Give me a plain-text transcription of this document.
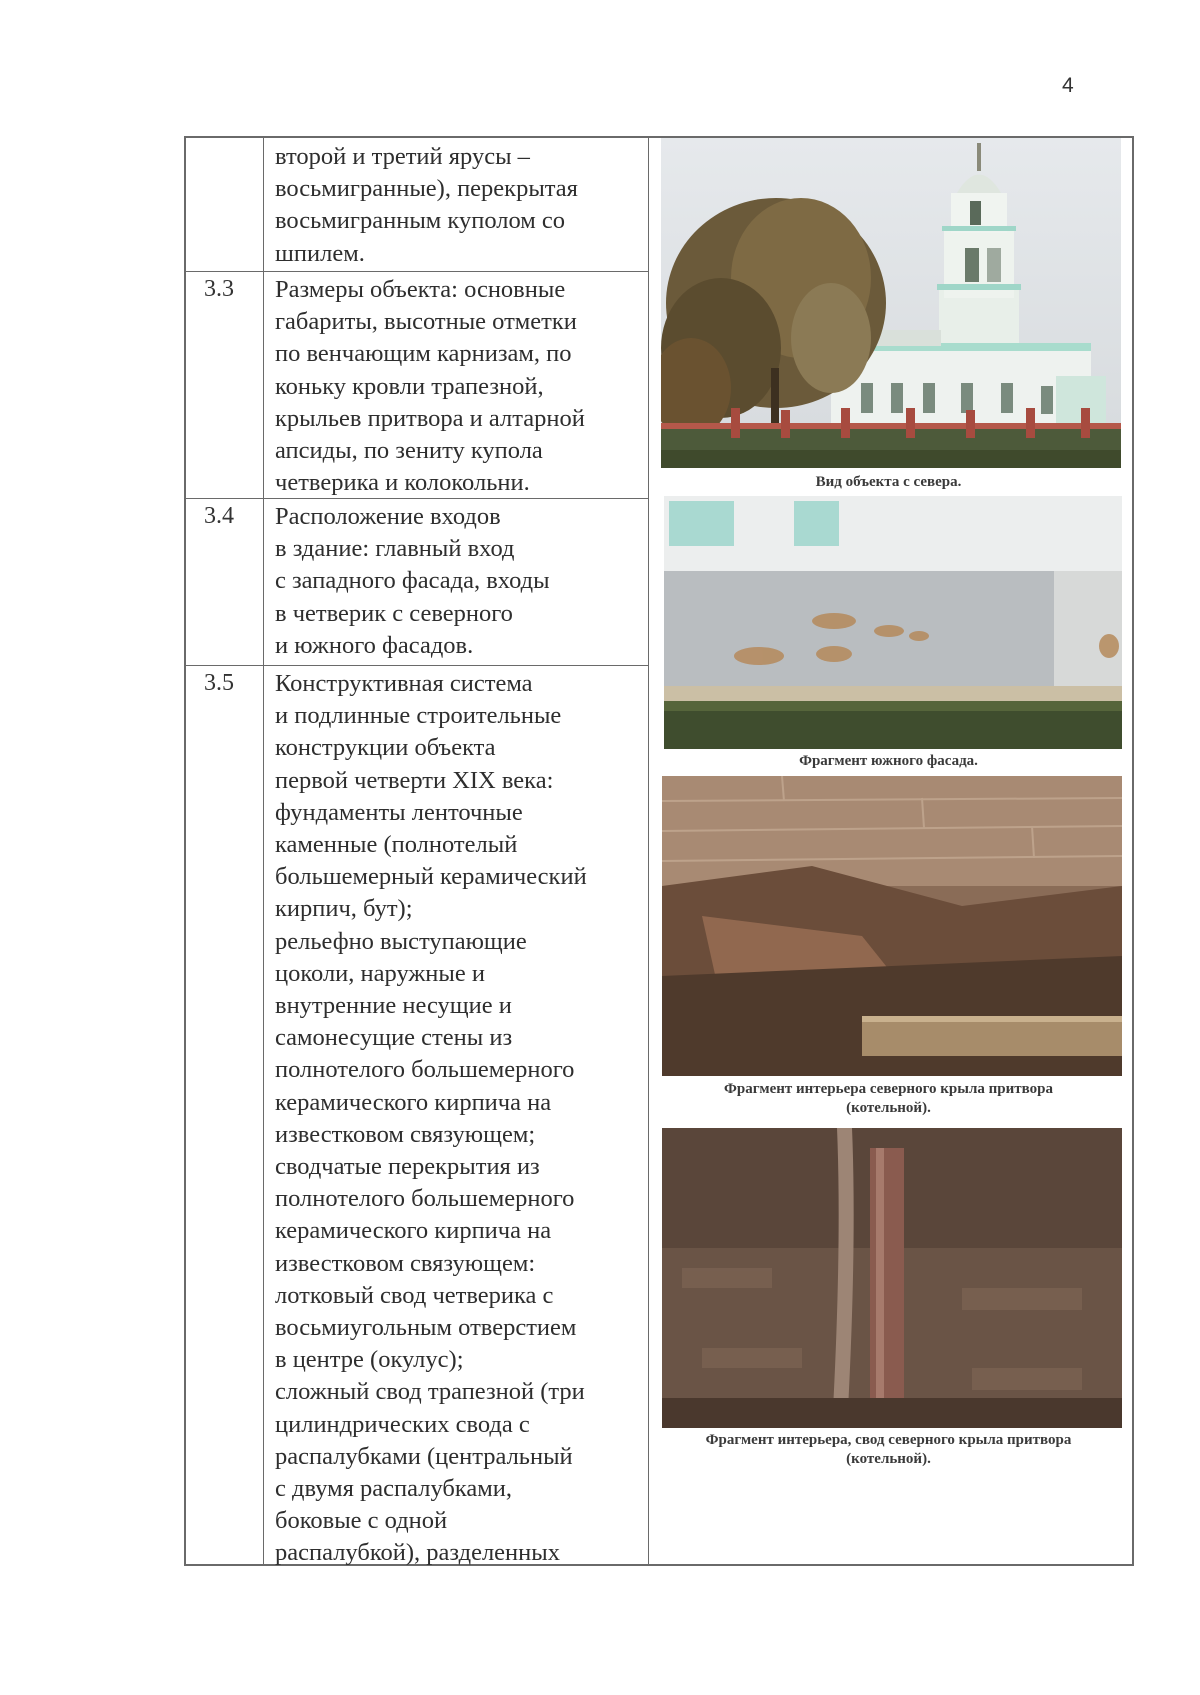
4
второй и третий ярусы –
восьмигранные), перекрытая
восьмигранным куполом со
шпилем.
3.3 Размеры объекта: основные
габариты, высотные отметки
по венчающим карнизам, по
коньку кровли трапезной,
крыльев притвора и алтарной
апсиды, по зениту купола
четверика и колокольни.
3.4 Расположение входов
в здание: главный вход
с западного фасада, входы
в четверик с северного
и южного фасадов.
3.5 Конструктивная система
и подлинные строительные
конструкции объекта
первой четверти XIX века:
фундаменты ленточные
каменные (полнотелый
большемерный керамический
кирпич, бут);
рельефно выступающие
цоколи, наружные и
внутренние несущие и
самонесущие стены из
полнотелого большемерного
керамического кирпича на
известковом связующем;
сводчатые перекрытия из
полнотелого большемерного
керамического кирпича на
известковом связующем:
лотковый свод четверика с
восьмиугольным отверстием
в центре (окулус);
сложный свод трапезной (три
цилиндрических свода с
распалубками (центральный
с двумя распалубками,
боковые с одной
распалубкой), разделенных
Вид объекта с севера.
Фрагмент южного фасада.
Фрагмент интерьера северного крыла притвора
(котельной).
Фрагмент интерьера, свод северного крыла притвора
(котельной).
